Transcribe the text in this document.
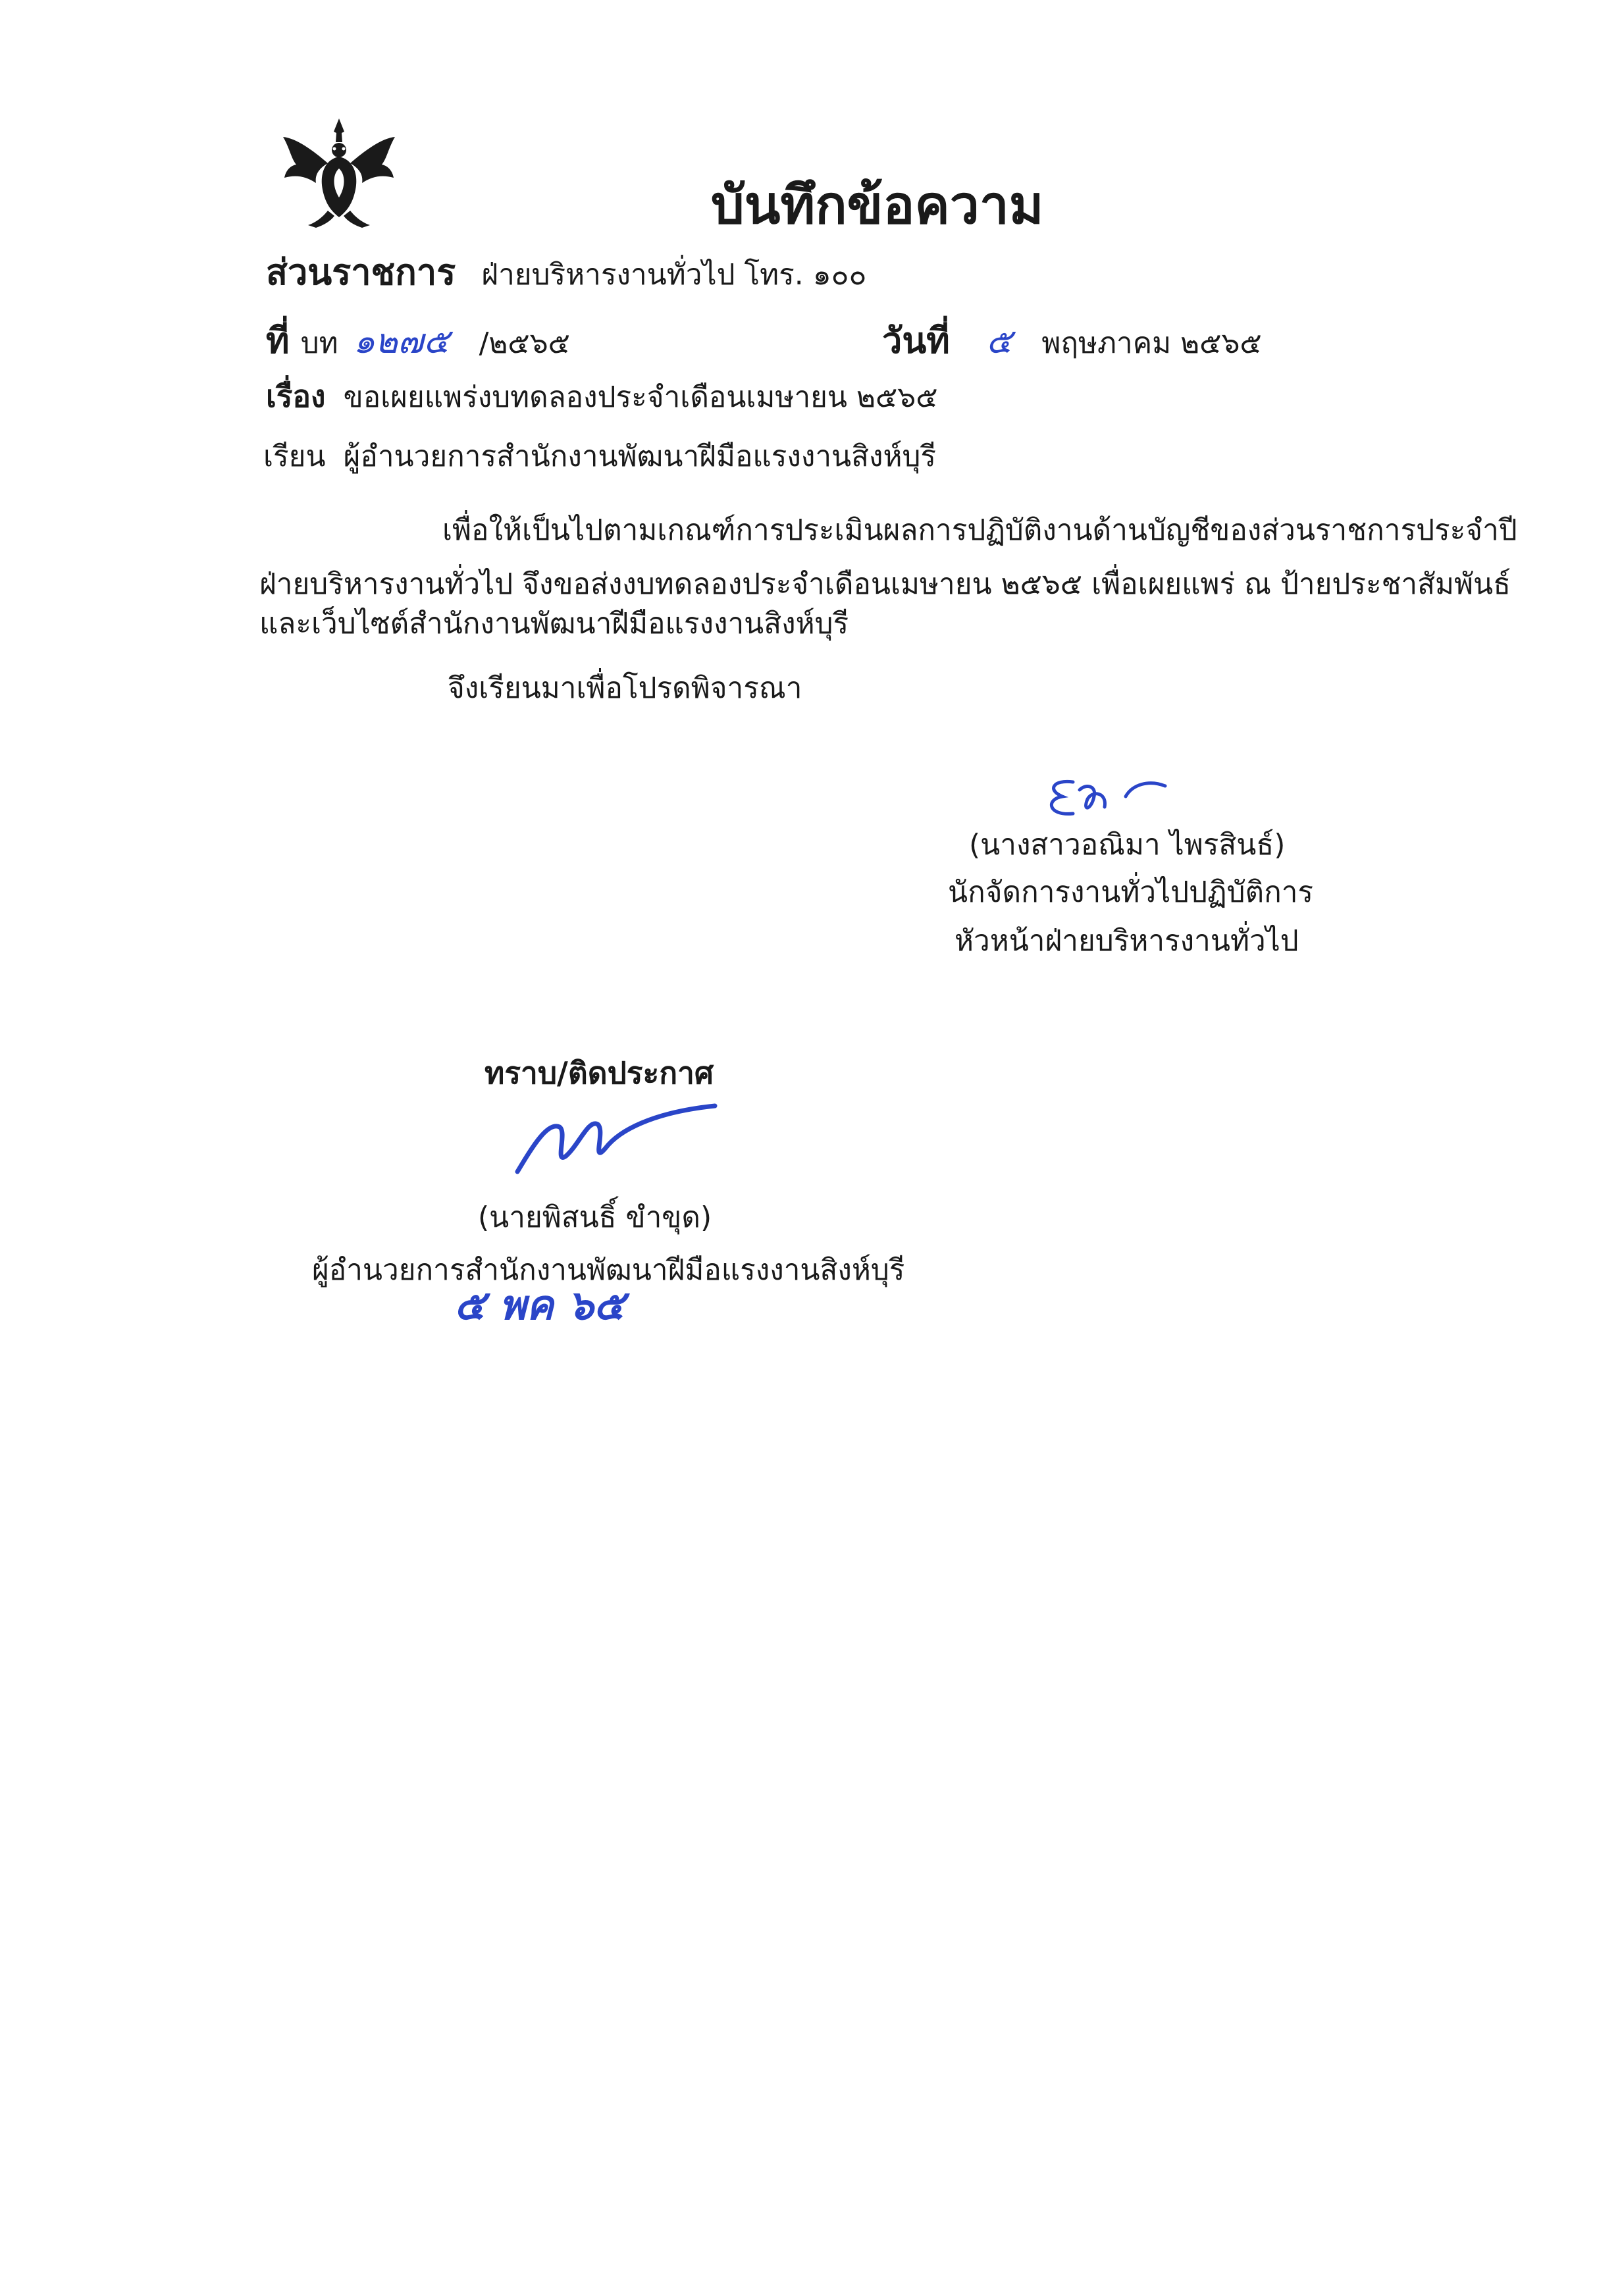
บันทึกข้อความ
ส่วนราชการ ฝ่ายบริหารงานทั่วไป โทร. ๑๐๐
ที่ บท ๑๒๗๕ /๒๕๖๕	วันที่ ๕ พฤษภาคม ๒๕๖๕
เรื่อง ขอเผยแพร่งบทดลองประจำเดือนเมษายน ๒๕๖๕
เรียน ผู้อำนวยการสำนักงานพัฒนาฝีมือแรงงานสิงห์บุรี
เพื่อให้เป็นไปตามเกณฑ์การประเมินผลการปฏิบัติงานด้านบัญชีของส่วนราชการประจำปี
ฝ่ายบริหารงานทั่วไป จึงขอส่งงบทดลองประจำเดือนเมษายน ๒๕๖๕ เพื่อเผยแพร่ ณ ป้ายประชาสัมพันธ์
และเว็บไซต์สำนักงานพัฒนาฝีมือแรงงานสิงห์บุรี
จึงเรียนมาเพื่อโปรดพิจารณา
(นางสาวอณิมา ไพรสินธ์)
นักจัดการงานทั่วไปปฏิบัติการ
หัวหน้าฝ่ายบริหารงานทั่วไป
ทราบ/ติดประกาศ
(นายพิสนธิ์ ขำขุด)
ผู้อำนวยการสำนักงานพัฒนาฝีมือแรงงานสิงห์บุรี
๕ พค ๖๕
